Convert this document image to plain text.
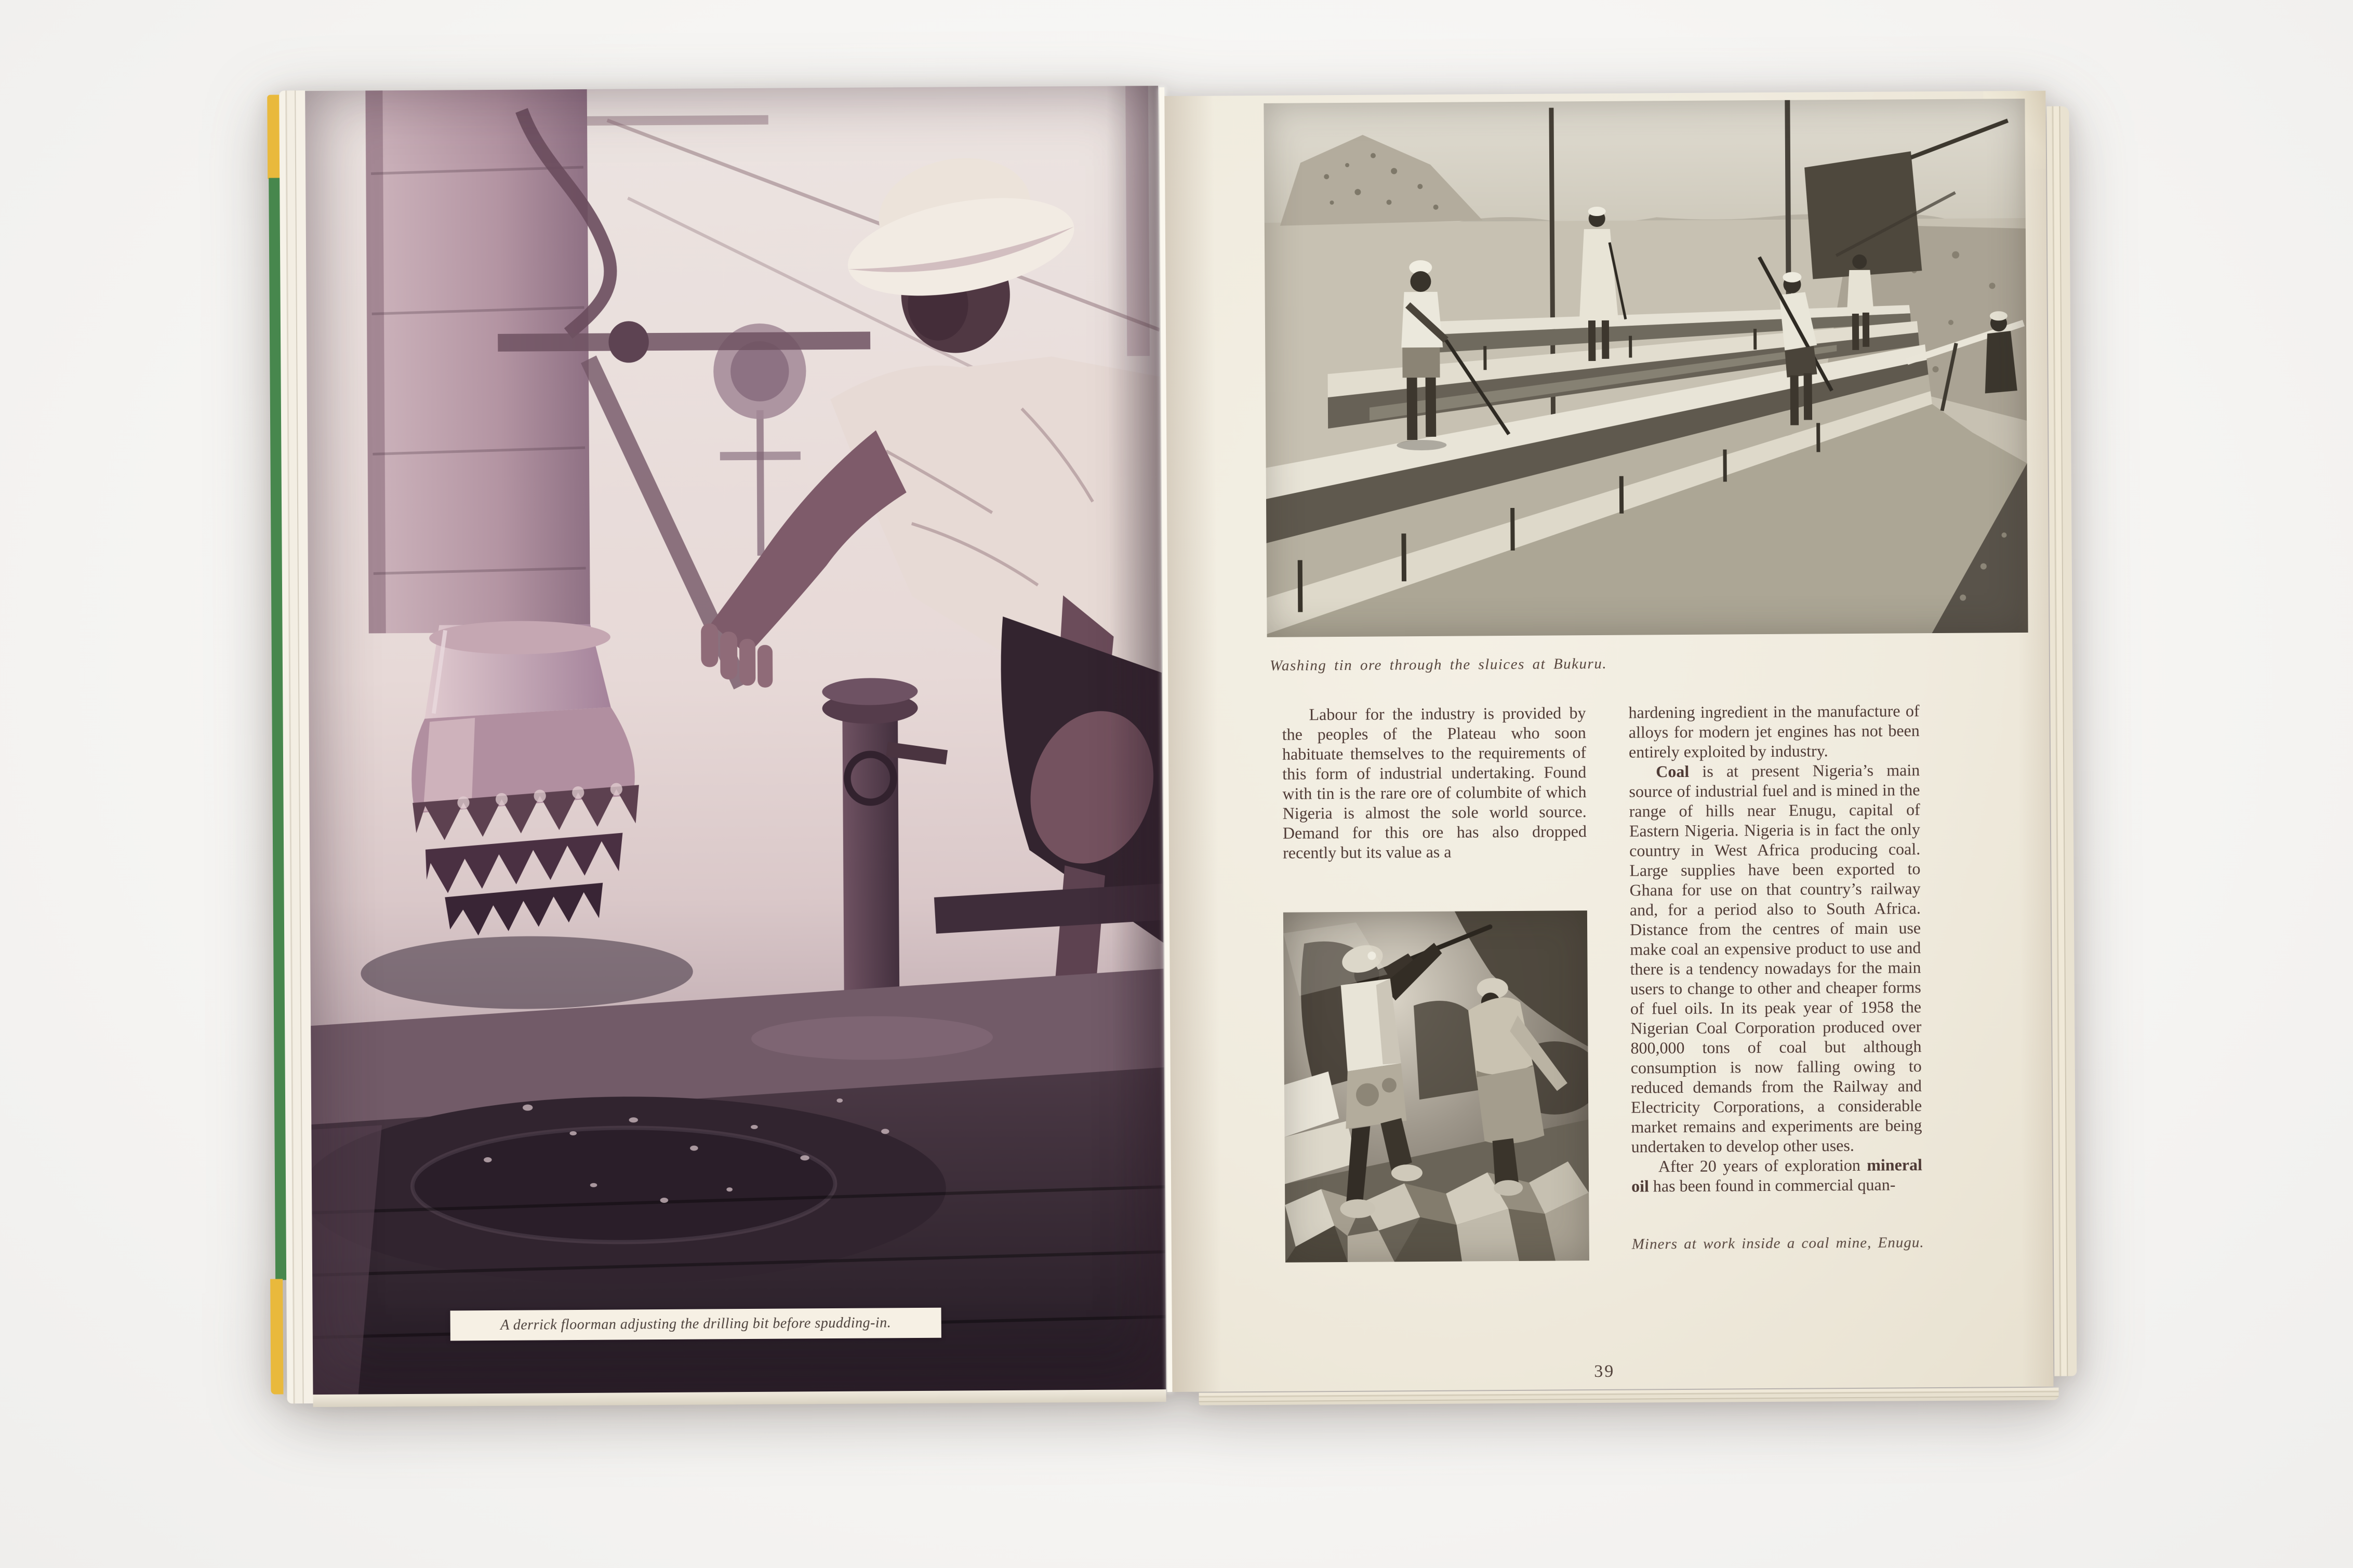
A derrick floorman adjusting the drilling bit before spudding-in.
Washing tin ore through the sluices at Bukuru.

Labour for the industry is provided by the peoples of the Plateau who soon habituate themselves to the requirements of this form of industrial undertaking. Found with tin is the rare ore of columbite of which Nigeria is almost the sole world source. Demand for this ore has also dropped recently but its value as a

hardening ingredient in the manufacture of alloys for modern jet engines has not been entirely exploited by industry.

Coal is at present Nigeria’s main source of industrial fuel and is mined in the range of hills near Enugu, capital of Eastern Nigeria. Nigeria is in fact the only country in West Africa producing coal. Large supplies have been exported to Ghana for use on that country’s railway and, for a period also to South Africa. Distance from the centres of main use make coal an expensive product to use and there is a tendency nowadays for the main users to change to other and cheaper forms of fuel oils. In its peak year of 1958 the Nigerian Coal Corporation produced over 800,000 tons of coal but although consumption is now falling owing to reduced demands from the Railway and Electricity Corporations, a considerable market remains and experiments are being undertaken to develop other uses.

After 20 years of exploration mineral oil has been found in commercial quan-

Miners at work inside a coal mine, Enugu.
39
